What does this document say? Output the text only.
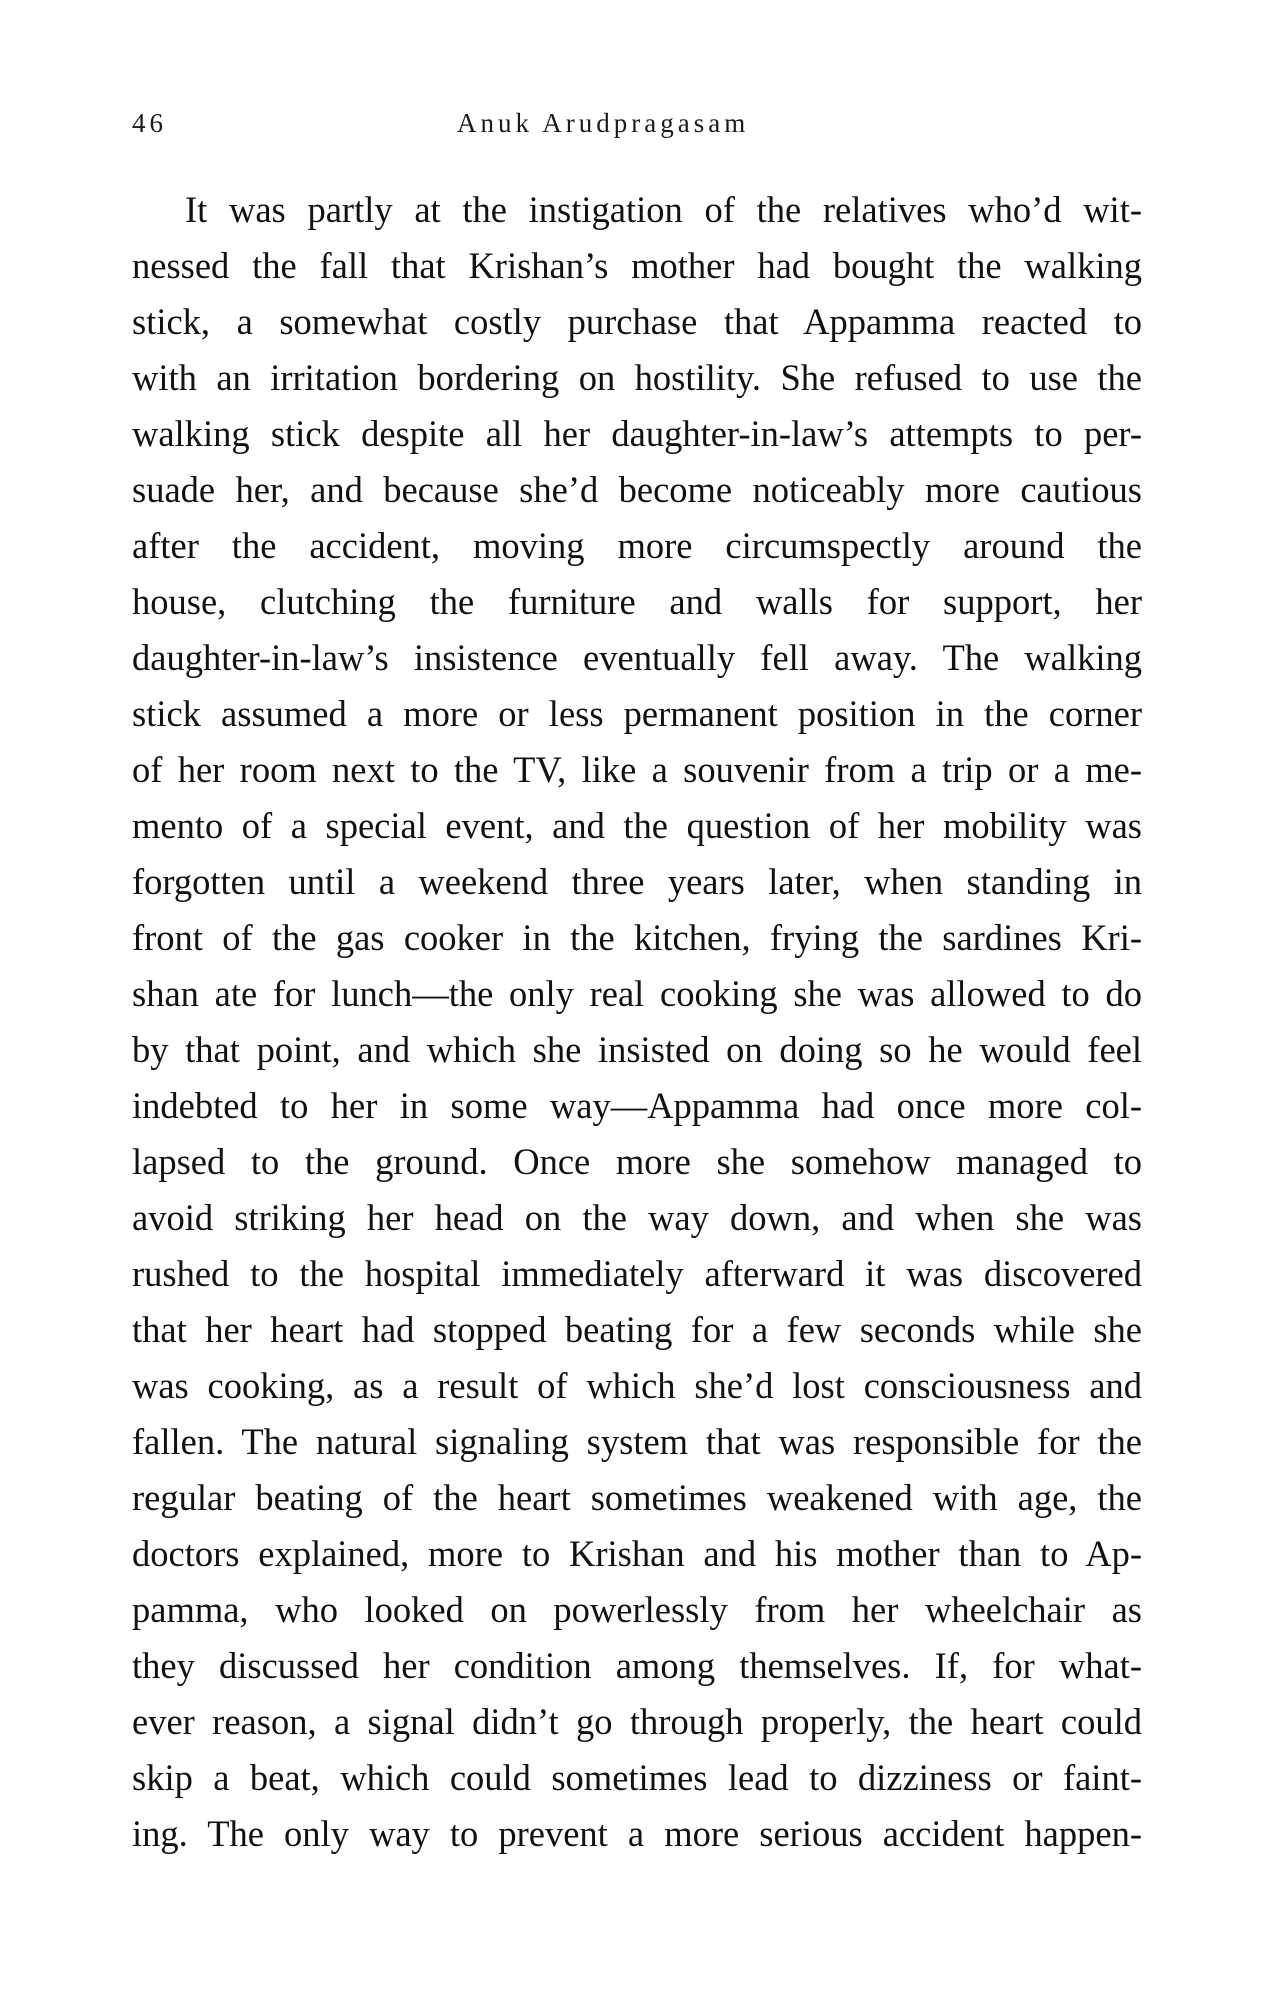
46	Anuk Arudpragasam
It was partly at the instigation of the relatives who’d wit-
nessed the fall that Krishan’s mother had bought the walking
stick, a somewhat costly purchase that Appamma reacted to
with an irritation bordering on hostility. She refused to use the
walking stick despite all her daughter-in-law’s attempts to per-
suade her, and because she’d become noticeably more cautious
after the accident, moving more circumspectly around the
house, clutching the furniture and walls for support, her
daughter-in-law’s insistence eventually fell away. The walking
stick assumed a more or less permanent position in the corner
of her room next to the TV, like a souvenir from a trip or a me-
mento of a special event, and the question of her mobility was
forgotten until a weekend three years later, when standing in
front of the gas cooker in the kitchen, frying the sardines Kri-
shan ate for lunch—the only real cooking she was allowed to do
by that point, and which she insisted on doing so he would feel
indebted to her in some way—Appamma had once more col-
lapsed to the ground. Once more she somehow managed to
avoid striking her head on the way down, and when she was
rushed to the hospital immediately afterward it was discovered
that her heart had stopped beating for a few seconds while she
was cooking, as a result of which she’d lost consciousness and
fallen. The natural signaling system that was responsible for the
regular beating of the heart sometimes weakened with age, the
doctors explained, more to Krishan and his mother than to Ap-
pamma, who looked on powerlessly from her wheelchair as
they discussed her condition among themselves. If, for what-
ever reason, a signal didn’t go through properly, the heart could
skip a beat, which could sometimes lead to dizziness or faint-
ing. The only way to prevent a more serious accident happen-
